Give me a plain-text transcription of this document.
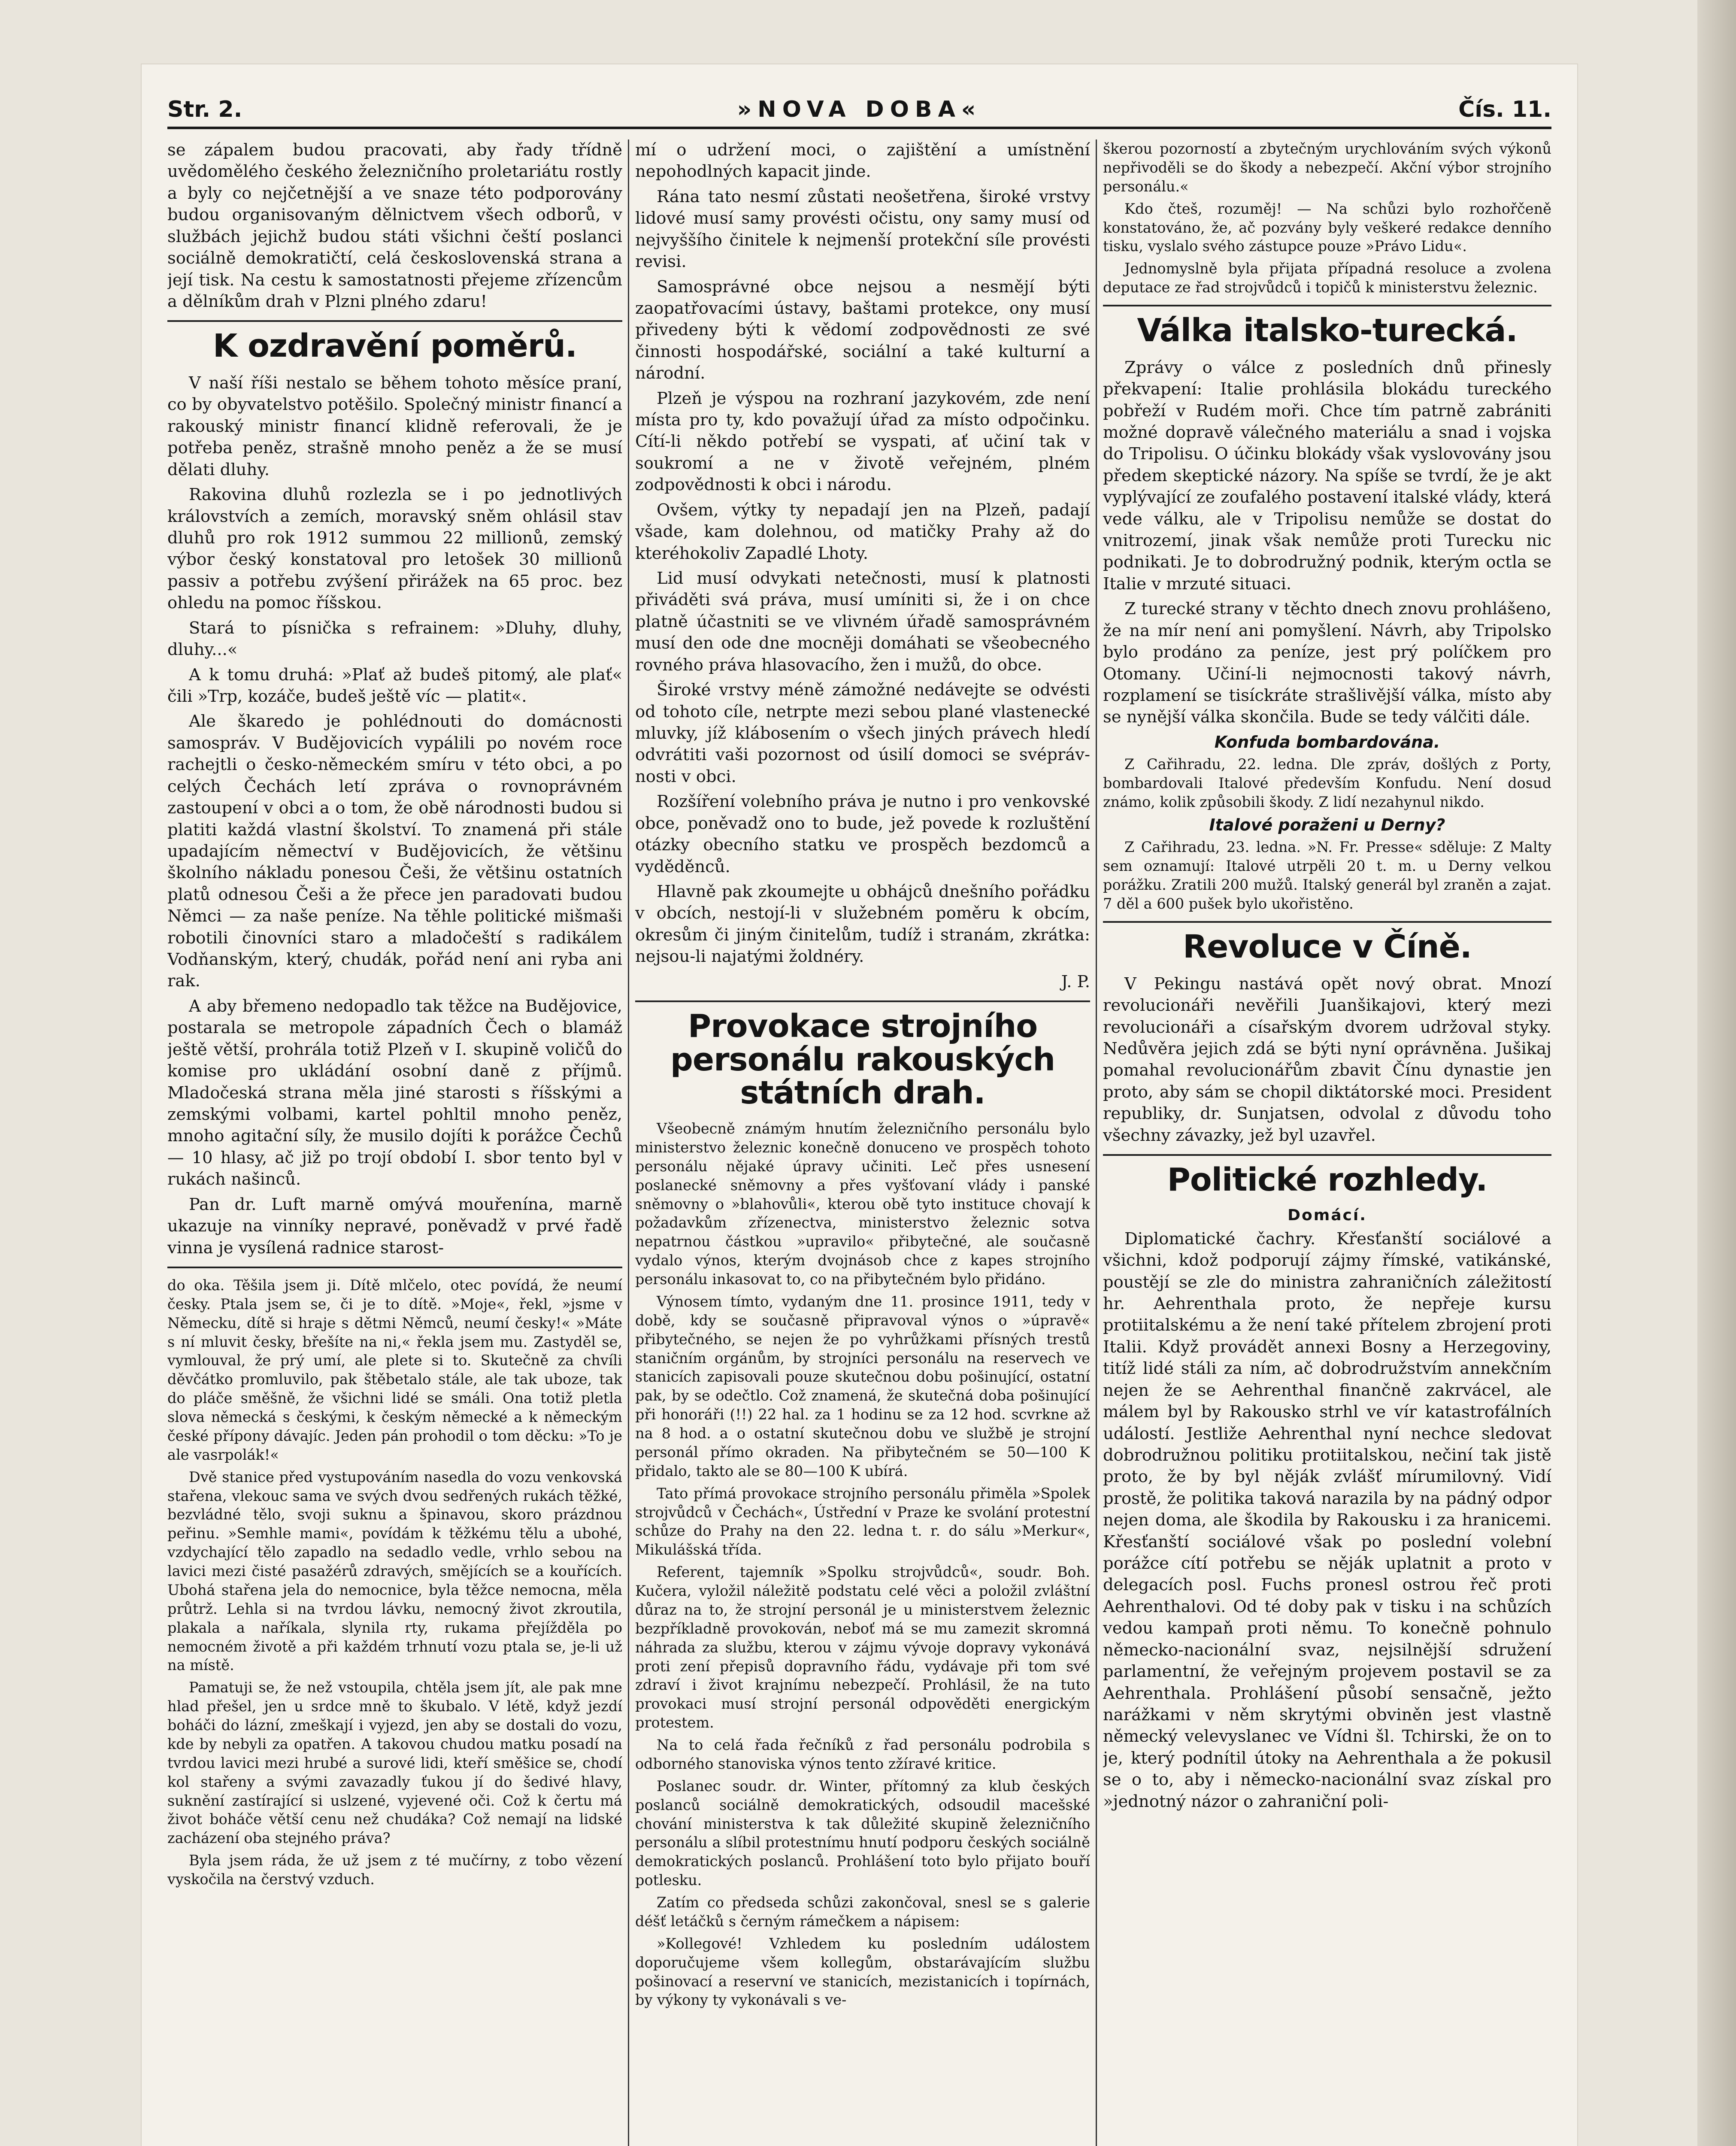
Str. 2.	»NOVA DOBA«	Čís. 11.

se zápalem budou pracovati, aby řady třídně uvědomělého českého železničního proletariátu rostly a byly co nejčetnější a ve snaze této podporovány budou organisovaným dělnictvem všech odborů, v službách jejichž budou státi všichni čeští poslanci sociálně demokratičtí, celá československá strana a její tisk. Na cestu k samostatnosti přejeme zřízencům a dělníkům drah v Plzni plného zdaru!

K ozdravění poměrů.

V naší říši nestalo se během tohoto měsíce praní, co by obyvatelstvo potěšilo. Společný ministr financí a rakouský ministr financí klidně referovali, že je potřeba peněz, strašně mnoho peněz a že se musí dělati dluhy.

Rakovina dluhů rozlezla se i po jednotlivých královstvích a zemích, moravský sněm ohlásil stav dluhů pro rok 1912 summou 22 millionů, zemský výbor český konstatoval pro letošek 30 millionů passiv a potřebu zvýšení přirážek na 65 proc. bez ohledu na pomoc říšskou.

Stará to písnička s refrainem: »Dluhy, dluhy, dluhy...«

A k tomu druhá: »Plať až budeš pitomý, ale plať« čili »Trp, kozáče, budeš ještě víc — platit«.

Ale škaredo je pohlédnouti do domácnosti samospráv. V Budějovicích vypálili po novém roce rachejtli o česko-německém smíru v této obci, a po celých Čechách letí zpráva o rovnoprávném zastoupení v obci a o tom, že obě národnosti budou si platiti každá vlastní školství. To znamená při stále upadajícím němectví v Budějovicích, že většinu školního nákladu ponesou Češi, že většinu ostatních platů odnesou Češi a že přece jen paradovati budou Němci — za naše peníze. Na těhle politické mišmaši robotili činovníci staro a mladočeští s radikálem Vodňanským, který, chudák, pořád není ani ryba ani rak.

A aby břemeno nedopadlo tak těžce na Budějovice, postarala se metropole západních Čech o blamáž ještě větší, prohrála totiž Plzeň v I. skupině voličů do komise pro ukládání osobní daně z příjmů. Mladočeská strana měla jiné starosti s říšskými a zemskými volbami, kartel pohltil mnoho peněz, mnoho agitační síly, že musilo dojíti k porážce Čechů — 10 hlasy, ač již po trojí období I. sbor tento byl v rukách našinců.

Pan dr. Luft marně omývá mouřenína, marně ukazuje na vinníky nepravé, poněvadž v prvé řadě vinna je vysílená radnice starost-

do oka. Těšila jsem ji. Dítě mlčelo, otec povídá, že neumí česky. Ptala jsem se, či je to dítě. »Moje«, řekl, »jsme v Německu, dítě si hraje s dětmi Němců, neumí česky!« »Máte s ní mluvit česky, břešíte na ni,« řekla jsem mu. Zastyděl se, vymlouval, že prý umí, ale plete si to. Skutečně za chvíli děvčátko promluvilo, pak štěbetalo stále, ale tak uboze, tak do pláče směšně, že všichni lidé se smáli. Ona totiž pletla slova německá s českými, k českým německé a k německým české přípony dávajíc. Jeden pán prohodil o tom děcku: »To je ale vasrpolák!«

Dvě stanice před vystupováním nasedla do vozu venkovská stařena, vlekouc sama ve svých dvou sedřených rukách těžké, bezvládné tělo, svoji suknu a špinavou, skoro prázdnou peřinu. »Semhle mami«, povídám k těžkému tělu a ubohé, vzdychající tělo zapadlo na sedadlo vedle, vrhlo sebou na lavici mezi čisté pasažérů zdravých, smějících se a kouřících. Ubohá stařena jela do nemocnice, byla těžce nemocna, měla průtrž. Lehla si na tvrdou lávku, nemocný život zkroutila, plakala a naříkala, slynila rty, rukama přejížděla po nemocném životě a při každém trhnutí vozu ptala se, je-li už na místě.

Pamatuji se, že než vstoupila, chtěla jsem jít, ale pak mne hlad přešel, jen u srdce mně to škubalo. V létě, když jezdí boháči do lázní, zmeškají i vyjezd, jen aby se dostali do vozu, kde by nebyli za opatřen. A takovou chudou matku posadí na tvrdou lavici mezi hrubé a surové lidi, kteří směšice se, chodí kol stařeny a svými zavazadly ťukou jí do šedivé hlavy, suknění zastírající si uslzené, vyjevené oči. Což k čertu má život boháče větší cenu než chudáka? Což nemají na lidské zacházení oba stejného práva?

Byla jsem ráda, že už jsem z té mučírny, z tobo vězení vyskočila na čerstvý vzduch.

mí o udržení moci, o zajištění a umístnění nepohodlných kapacit jinde.

Rána tato nesmí zůstati neošetřena, široké vrstvy lidové musí samy provésti očistu, ony samy musí od nejvyššího činitele k nejmenší protekční síle provésti revisi.

Samosprávné obce nejsou a nesmějí býti zaopatřovacími ústavy, baštami protekce, ony musí přivedeny býti k vědomí zodpovědnosti ze své činnosti hospodářské, sociální a také kulturní a národní.

Plzeň je výspou na rozhraní jazykovém, zde není místa pro ty, kdo považují úřad za místo odpočinku. Cítí-li někdo potřebí se vyspati, ať učiní tak v soukromí a ne v životě veřejném, plném zodpovědnosti k obci i národu.

Ovšem, výtky ty nepadají jen na Plzeň, padají všade, kam dolehnou, od matičky Prahy až do kteréhokoliv Zapadlé Lhoty.

Lid musí odvykati netečnosti, musí k platnosti přiváděti svá práva, musí umíniti si, že i on chce platně účastniti se ve vlivném úřadě samosprávném musí den ode dne mocněji domáhati se všeobecného rovného práva hlasovacího, žen i mužů, do obce.

Široké vrstvy méně zámožné nedávejte se odvésti od tohoto cíle, netrpte mezi sebou plané vlastenecké mluvky, jíž klábosením o všech jiných právech hledí odvrátiti vaši pozornost od úsilí domoci se svéprávnosti v obci.

Rozšíření volebního práva je nutno i pro venkovské obce, poněvadž ono to bude, jež povede k rozluštění otázky obecního statku ve prospěch bezdomců a vyděděnců.

Hlavně pak zkoumejte u obhájců dnešního pořádku v obcích, nestojí-li v služebném poměru k obcím, okresům či jiným činitelům, tudíž i stranám, zkrátka: nejsou-li najatými žoldnéry.

J. P.
Provokace strojního personálu rakouských státních drah.

Všeobecně známým hnutím železničního personálu bylo ministerstvo železnic konečně donuceno ve prospěch tohoto personálu nějaké úpravy učiniti. Leč přes usnesení poslanecké sněmovny a přes vyšťovaní vlády i panské sněmovny o »blahovůli«, kterou obě tyto instituce chovají k požadavkům zřízenectva, ministerstvo železnic sotva nepatrnou částkou »upravilo« přibytečné, ale současně vydalo výnos, kterým dvojnásob chce z kapes strojního personálu inkasovat to, co na přibytečném bylo přidáno.

Výnosem tímto, vydaným dne 11. prosince 1911, tedy v době, kdy se současně připravoval výnos o »úpravě« přibytečného, se nejen že po vyhrůžkami přísných trestů staničním orgánům, by strojníci personálu na reservech ve stanicích zapisovali pouze skutečnou dobu pošinující, ostatní pak, by se odečtlo. Což znamená, že skutečná doba pošinující při honoráři (!!) 22 hal. za 1 hodinu se za 12 hod. scvrkne až na 8 hod. a o ostatní skutečnou dobu ve službě je strojní personál přímo okraden. Na přibytečném se 50—100 K přidalo, takto ale se 80—100 K ubírá.

Tato přímá provokace strojního personálu přiměla »Spolek strojvůdců v Čechách«, Ústřední v Praze ke svolání protestní schůze do Prahy na den 22. ledna t. r. do sálu »Merkur«, Mikulášská třída.

Referent, tajemník »Spolku strojvůdců«, soudr. Boh. Kučera, vyložil náležitě podstatu celé věci a položil zvláštní důraz na to, že strojní personál je u ministerstvem železnic bezpříkladně provokován, neboť má se mu zamezit skromná náhrada za službu, kterou v zájmu vývoje dopravy vykonává proti zení přepisů dopravního řádu, vydávaje při tom své zdraví i život krajnímu nebezpečí. Prohlásil, že na tuto provokaci musí strojní personál odpověděti energickým protestem.

Na to celá řada řečníků z řad personálu podrobila s odborného stanoviska výnos tento zžíravé kritice.

Poslanec soudr. dr. Winter, přítomný za klub českých poslanců sociálně demokratických, odsoudil macešské chování ministerstva k tak důležité skupině železničního personálu a slíbil protestnímu hnutí podporu českých sociálně demokratických poslanců. Prohlášení toto bylo přijato bouří potlesku.

Zatím co předseda schůzi zakončoval, snesl se s galerie déšť letáčků s černým rámečkem a nápisem:

»Kollegové! Vzhledem ku posledním událostem doporučujeme všem kollegům, obstarávajícím službu pošinovací a reservní ve stanicích, mezistanicích i topírnách, by výkony ty vykonávali s ve-

škerou pozorností a zbytečným urychlováním svých výkonů nepřivoděli se do škody a nebezpečí. Akční výbor strojního personálu.«

Kdo čteš, rozuměj! — Na schůzi bylo rozhořčeně konstatováno, že, ač pozvány byly veškeré redakce denního tisku, vyslalo svého zástupce pouze »Právo Lidu«.

Jednomyslně byla přijata případná resoluce a zvolena deputace ze řad strojvůdců i topičů k ministerstvu železnic.

Válka italsko-turecká.

Zprávy o válce z posledních dnů přinesly překvapení: Italie prohlásila blokádu tureckého pobřeží v Rudém moři. Chce tím patrně zabrániti možné dopravě válečného materiálu a snad i vojska do Tripolisu. O účinku blokády však vyslovovány jsou předem skeptické názory. Na spíše se tvrdí, že je akt vyplývající ze zoufalého postavení italské vlády, která vede válku, ale v Tripolisu nemůže se dostat do vnitrozemí, jinak však nemůže proti Turecku nic podnikati. Je to dobrodružný podnik, kterým octla se Italie v mrzuté situaci.

Z turecké strany v těchto dnech znovu prohlášeno, že na mír není ani pomyšlení. Návrh, aby Tripolsko bylo prodáno za peníze, jest prý políčkem pro Otomany. Učiní-li nejmocnosti takový návrh, rozplamení se tisíckráte strašlivější válka, místo aby se nynější válka skončila. Bude se tedy válčiti dále.

Konfuda bombardována.

Z Cařihradu, 22. ledna. Dle zpráv, došlých z Porty, bombardovali Italové především Konfudu. Není dosud známo, kolik způsobili škody. Z lidí nezahynul nikdo.

Italové poraženi u Derny?

Z Cařihradu, 23. ledna. »N. Fr. Presse« sděluje: Z Malty sem oznamují: Italové utrpěli 20 t. m. u Derny velkou porážku. Zratili 200 mužů. Italský generál byl zraněn a zajat. 7 děl a 600 pušek bylo ukořistěno.

Revoluce v Číně.

V Pekingu nastává opět nový obrat. Mnozí revolucionáři nevěřili Juanšikajovi, který mezi revolucionáři a císařským dvorem udržoval styky. Nedůvěra jejich zdá se býti nyní oprávněna. Jušikaj pomahal revolucionářům zbavit Čínu dynastie jen proto, aby sám se chopil diktátorské moci. President republiky, dr. Sunjatsen, odvolal z důvodu toho všechny závazky, jež byl uzavřel.

Politické rozhledy.
Domácí.

Diplomatické čachry. Křesťanští sociálové a všichni, kdož podporují zájmy římské, vatikánské, poustějí se zle do ministra zahraničních záležitostí hr. Aehrenthala proto, že nepřeje kursu protiitalskému a že není také přítelem zbrojení proti Italii. Když provádět annexi Bosny a Herzegoviny, titíž lidé stáli za ním, ač dobrodružstvím annekčním nejen že se Aehrenthal finančně zakrvácel, ale málem byl by Rakousko strhl ve vír katastrofálních událostí. Jestliže Aehrenthal nyní nechce sledovat dobrodružnou politiku protiitalskou, nečiní tak jistě proto, že by byl něják zvlášť mírumilovný. Vidí prostě, že politika taková narazila by na pádný odpor nejen doma, ale škodila by Rakousku i za hranicemi. Křesťanští sociálové však po poslední volební porážce cítí potřebu se něják uplatnit a proto v delegacích posl. Fuchs pronesl ostrou řeč proti Aehrenthalovi. Od té doby pak v tisku i na schůzích vedou kampaň proti němu. To konečně pohnulo německo-nacionální svaz, nejsilnější sdružení parlamentní, že veřejným projevem postavil se za Aehrenthala. Prohlášení působí sensačně, ježto narážkami v něm skrytými obviněn jest vlastně německý velevyslanec ve Vídni šl. Tchirski, že on to je, který podnítil útoky na Aehrenthala a že pokusil se o to, aby i německo-nacionální svaz získal pro »jednotný názor o zahraniční poli-
